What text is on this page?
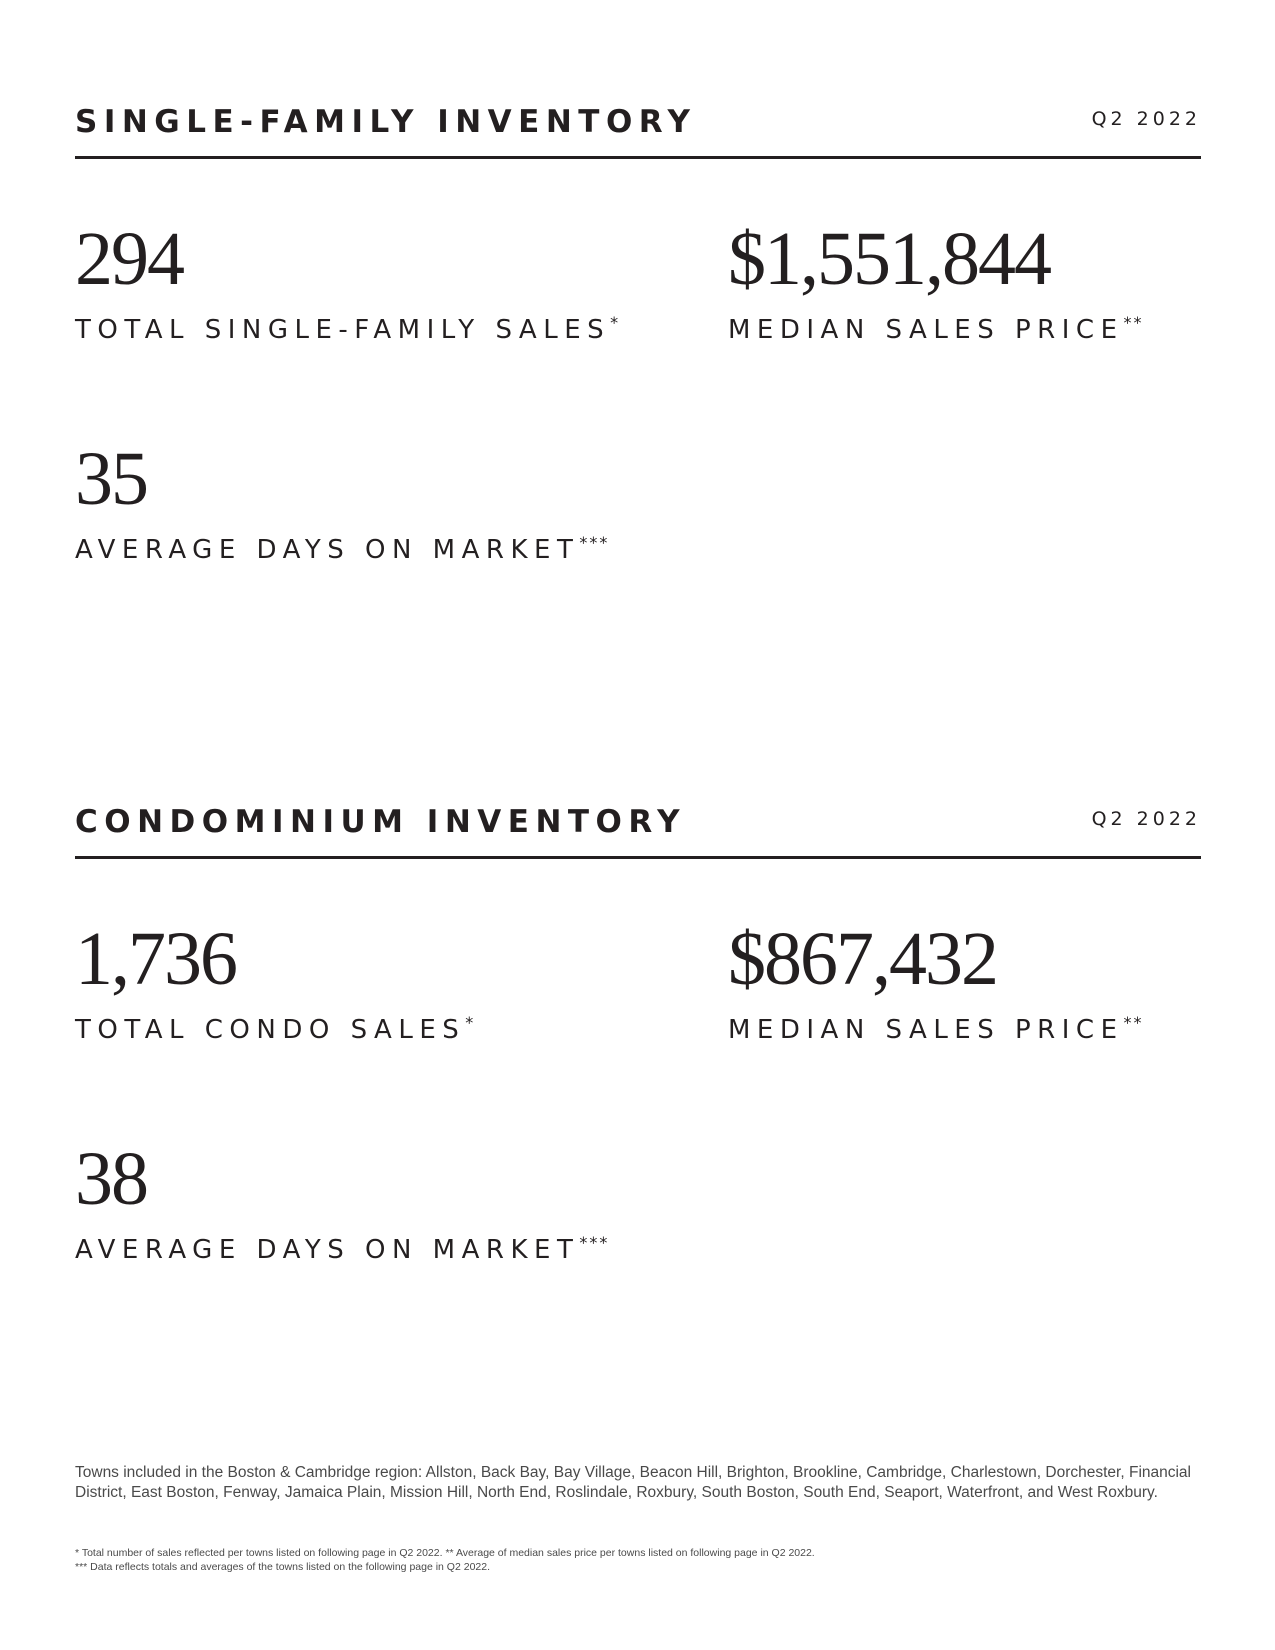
SINGLE-FAMILY INVENTORY	Q2 2022
294
TOTAL SINGLE-FAMILY SALES*
$1,551,844
MEDIAN SALES PRICE**
35
AVERAGE DAYS ON MARKET***
CONDOMINIUM INVENTORY	Q2 2022
1,736
TOTAL CONDO SALES*
$867,432
MEDIAN SALES PRICE**
38
AVERAGE DAYS ON MARKET***
Towns included in the Boston & Cambridge region: Allston, Back Bay, Bay Village, Beacon Hill, Brighton, Brookline, Cambridge, Charlestown, Dorchester, Financial District, East Boston, Fenway, Jamaica Plain, Mission Hill, North End, Roslindale, Roxbury, South Boston, South End, Seaport, Waterfront, and West Roxbury.
* Total number of sales reflected per towns listed on following page in Q2 2022. ** Average of median sales price per towns listed on following page in Q2 2022.
*** Data reflects totals and averages of the towns listed on the following page in Q2 2022.
